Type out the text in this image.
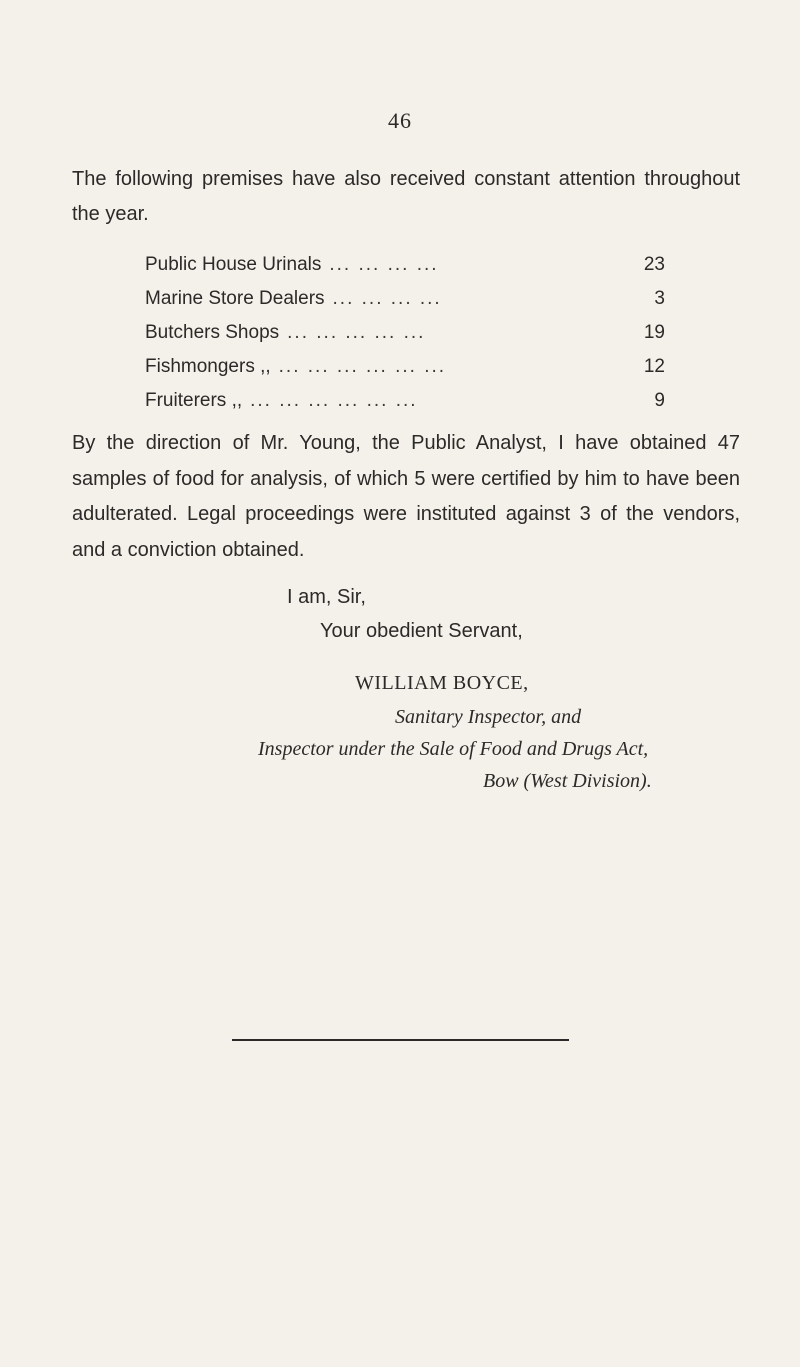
46

The following premises have also received constant attention throughout the year.

Public House Urinals ... ... ... ...	23
Marine Store Dealers ... ... ... ...	3
Butchers Shops ... ... ... ... ...	19
Fishmongers ,, ... ... ... ... ... ...	12
Fruiterers ,, ... ... ... ... ... ...	9

By the direction of Mr. Young, the Public Analyst, I have obtained 47 samples of food for analysis, of which 5 were certified by him to have been adulterated. Legal proceedings were instituted against 3 of the vendors, and a conviction obtained.

I am, Sir,
Your obedient Servant,
WILLIAM BOYCE,
Sanitary Inspector, and
Inspector under the Sale of Food and Drugs Act,
Bow (West Division).
